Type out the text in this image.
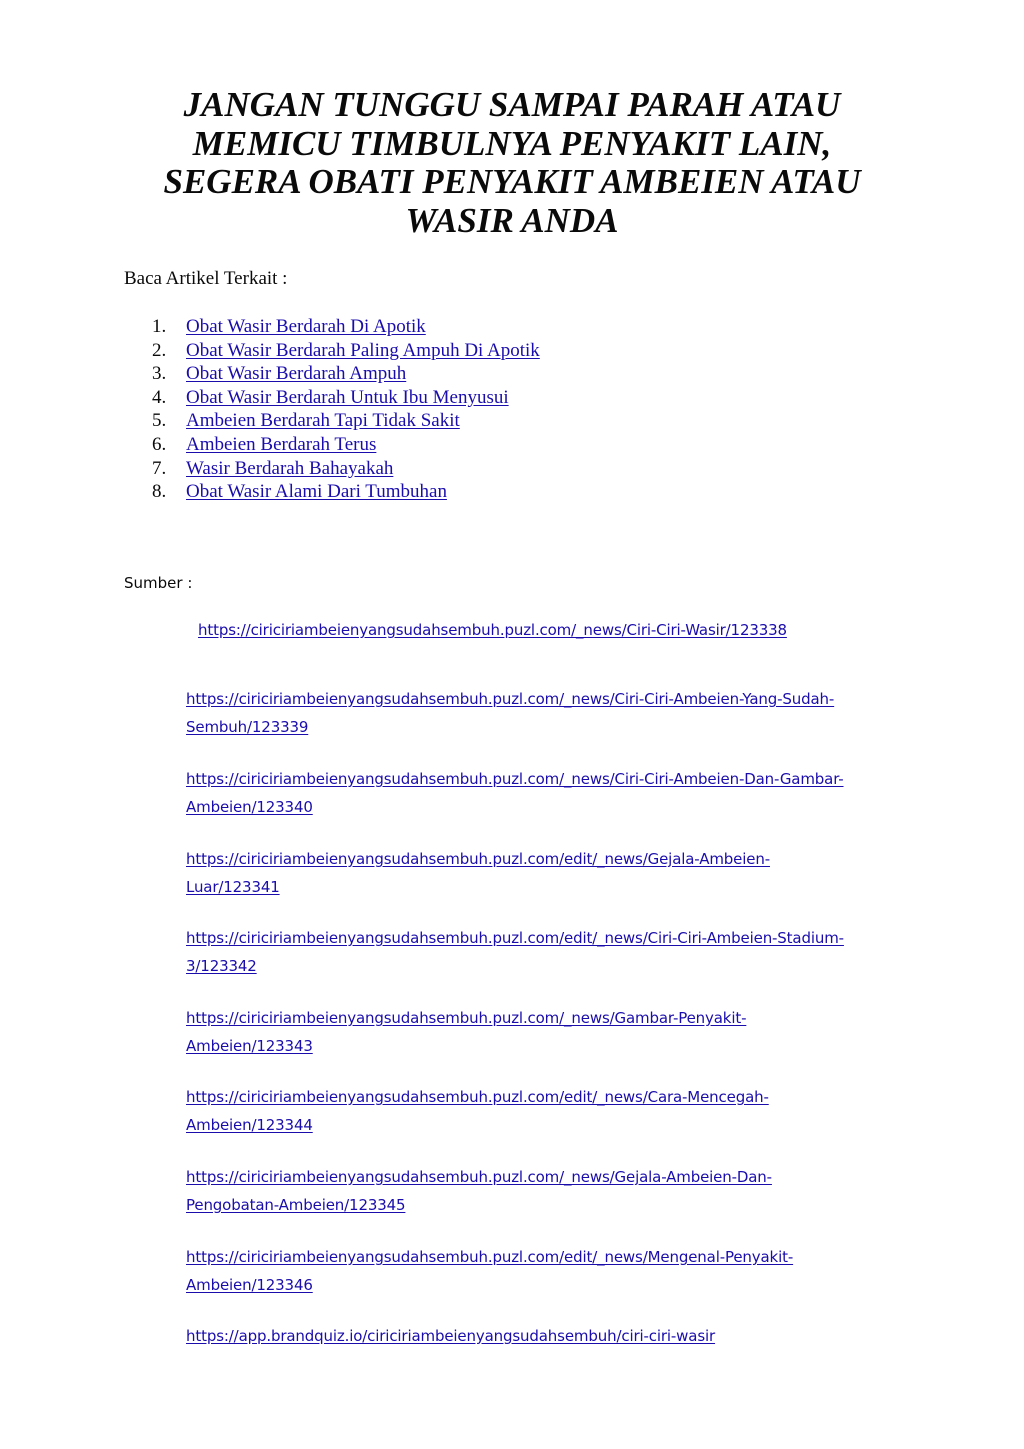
JANGAN TUNGGU SAMPAI PARAH ATAU
MEMICU TIMBULNYA PENYAKIT LAIN,
SEGERA OBATI PENYAKIT AMBEIEN ATAU
WASIR ANDA
Baca Artikel Terkait :
1.	Obat Wasir Berdarah Di Apotik
2.	Obat Wasir Berdarah Paling Ampuh Di Apotik
3.	Obat Wasir Berdarah Ampuh
4.	Obat Wasir Berdarah Untuk Ibu Menyusui
5.	Ambeien Berdarah Tapi Tidak Sakit
6.	Ambeien Berdarah Terus
7.	Wasir Berdarah Bahayakah
8.	Obat Wasir Alami Dari Tumbuhan
Sumber :

https://ciriciriambeienyangsudahsembuh.puzl.com/_news/Ciri-Ciri-Wasir/123338

https://ciriciriambeienyangsudahsembuh.puzl.com/_news/Ciri-Ciri-Ambeien-Yang-Sudah-
Sembuh/123339

https://ciriciriambeienyangsudahsembuh.puzl.com/_news/Ciri-Ciri-Ambeien-Dan-Gambar-
Ambeien/123340

https://ciriciriambeienyangsudahsembuh.puzl.com/edit/_news/Gejala-Ambeien-
Luar/123341

https://ciriciriambeienyangsudahsembuh.puzl.com/edit/_news/Ciri-Ciri-Ambeien-Stadium-
3/123342

https://ciriciriambeienyangsudahsembuh.puzl.com/_news/Gambar-Penyakit-
Ambeien/123343

https://ciriciriambeienyangsudahsembuh.puzl.com/edit/_news/Cara-Mencegah-
Ambeien/123344

https://ciriciriambeienyangsudahsembuh.puzl.com/_news/Gejala-Ambeien-Dan-
Pengobatan-Ambeien/123345

https://ciriciriambeienyangsudahsembuh.puzl.com/edit/_news/Mengenal-Penyakit-
Ambeien/123346

https://app.brandquiz.io/ciriciriambeienyangsudahsembuh/ciri-ciri-wasir
